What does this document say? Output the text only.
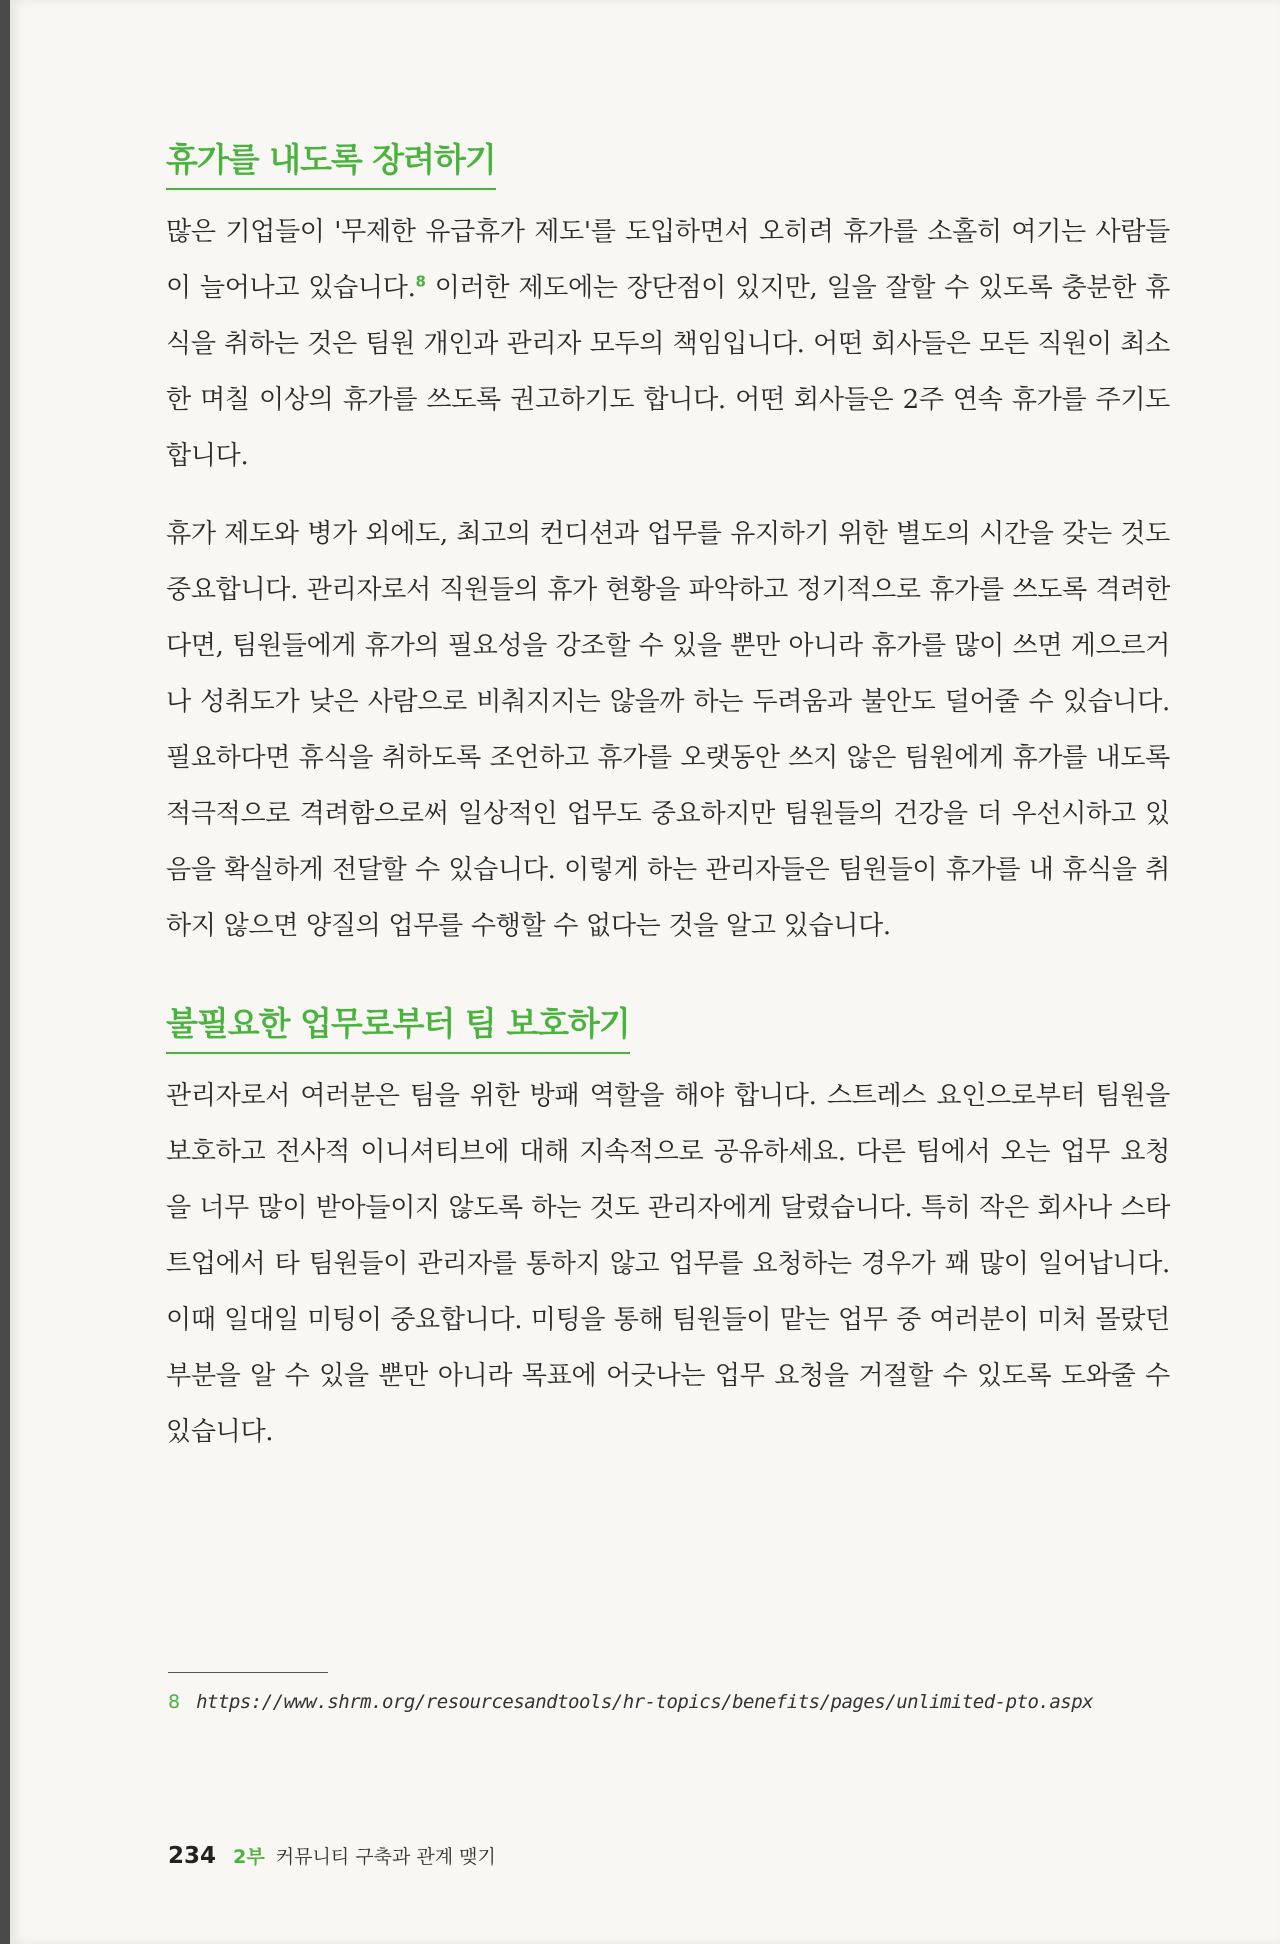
휴가를 내도록 장려하기

많은 기업들이 '무제한 유급휴가 제도'를 도입하면서 오히려 휴가를 소홀히 여기는 사람들이 늘어나고 있습니다.$^8$ 이러한 제도에는 장단점이 있지만, 일을 잘할 수 있도록 충분한 휴식을 취하는 것은 팀원 개인과 관리자 모두의 책임입니다. 어떤 회사들은 모든 직원이 최소한 며칠 이상의 휴가를 쓰도록 권고하기도 합니다. 어떤 회사들은 2주 연속 휴가를 주기도 합니다.

휴가 제도와 병가 외에도, 최고의 컨디션과 업무를 유지하기 위한 별도의 시간을 갖는 것도 중요합니다. 관리자로서 직원들의 휴가 현황을 파악하고 정기적으로 휴가를 쓰도록 격려한다면, 팀원들에게 휴가의 필요성을 강조할 수 있을 뿐만 아니라 휴가를 많이 쓰면 게으르거나 성취도가 낮은 사람으로 비춰지지는 않을까 하는 두려움과 불안도 덜어줄 수 있습니다. 필요하다면 휴식을 취하도록 조언하고 휴가를 오랫동안 쓰지 않은 팀원에게 휴가를 내도록 적극적으로 격려함으로써 일상적인 업무도 중요하지만 팀원들의 건강을 더 우선시하고 있음을 확실하게 전달할 수 있습니다. 이렇게 하는 관리자들은 팀원들이 휴가를 내 휴식을 취하지 않으면 양질의 업무를 수행할 수 없다는 것을 알고 있습니다.

불필요한 업무로부터 팀 보호하기

관리자로서 여러분은 팀을 위한 방패 역할을 해야 합니다. 스트레스 요인으로부터 팀원을 보호하고 전사적 이니셔티브에 대해 지속적으로 공유하세요. 다른 팀에서 오는 업무 요청을 너무 많이 받아들이지 않도록 하는 것도 관리자에게 달렸습니다. 특히 작은 회사나 스타트업에서 타 팀원들이 관리자를 통하지 않고 업무를 요청하는 경우가 꽤 많이 일어납니다. 이때 일대일 미팅이 중요합니다. 미팅을 통해 팀원들이 맡는 업무 중 여러분이 미처 몰랐던 부분을 알 수 있을 뿐만 아니라 목표에 어긋나는 업무 요청을 거절할 수 있도록 도와줄 수 있습니다.

8 https://www.shrm.org/resourcesandtools/hr-topics/benefits/pages/unlimited-pto.aspx
234 2부 커뮤니티 구축과 관계 맺기
